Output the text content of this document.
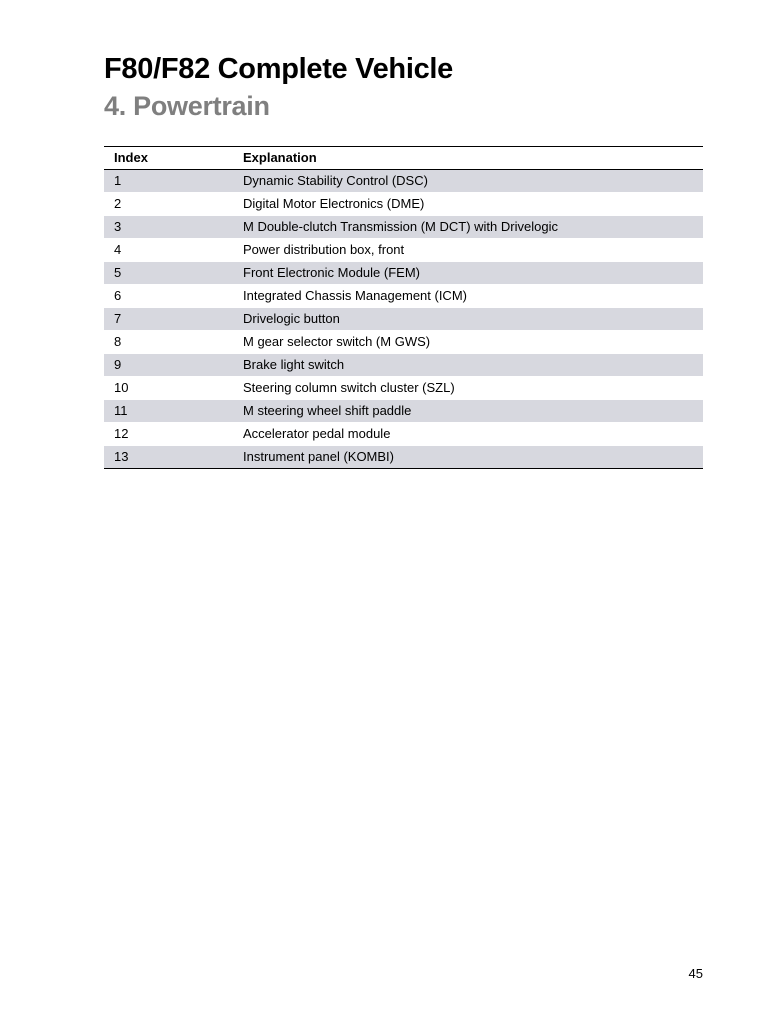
F80/F82 Complete Vehicle
4. Powertrain
Index	Explanation
1	Dynamic Stability Control (DSC)
2	Digital Motor Electronics (DME)
3	M Double-clutch Transmission (M DCT) with Drivelogic
4	Power distribution box, front
5	Front Electronic Module (FEM)
6	Integrated Chassis Management (ICM)
7	Drivelogic button
8	M gear selector switch (M GWS)
9	Brake light switch
10	Steering column switch cluster (SZL)
11	M steering wheel shift paddle
12	Accelerator pedal module
13	Instrument panel (KOMBI)
45
